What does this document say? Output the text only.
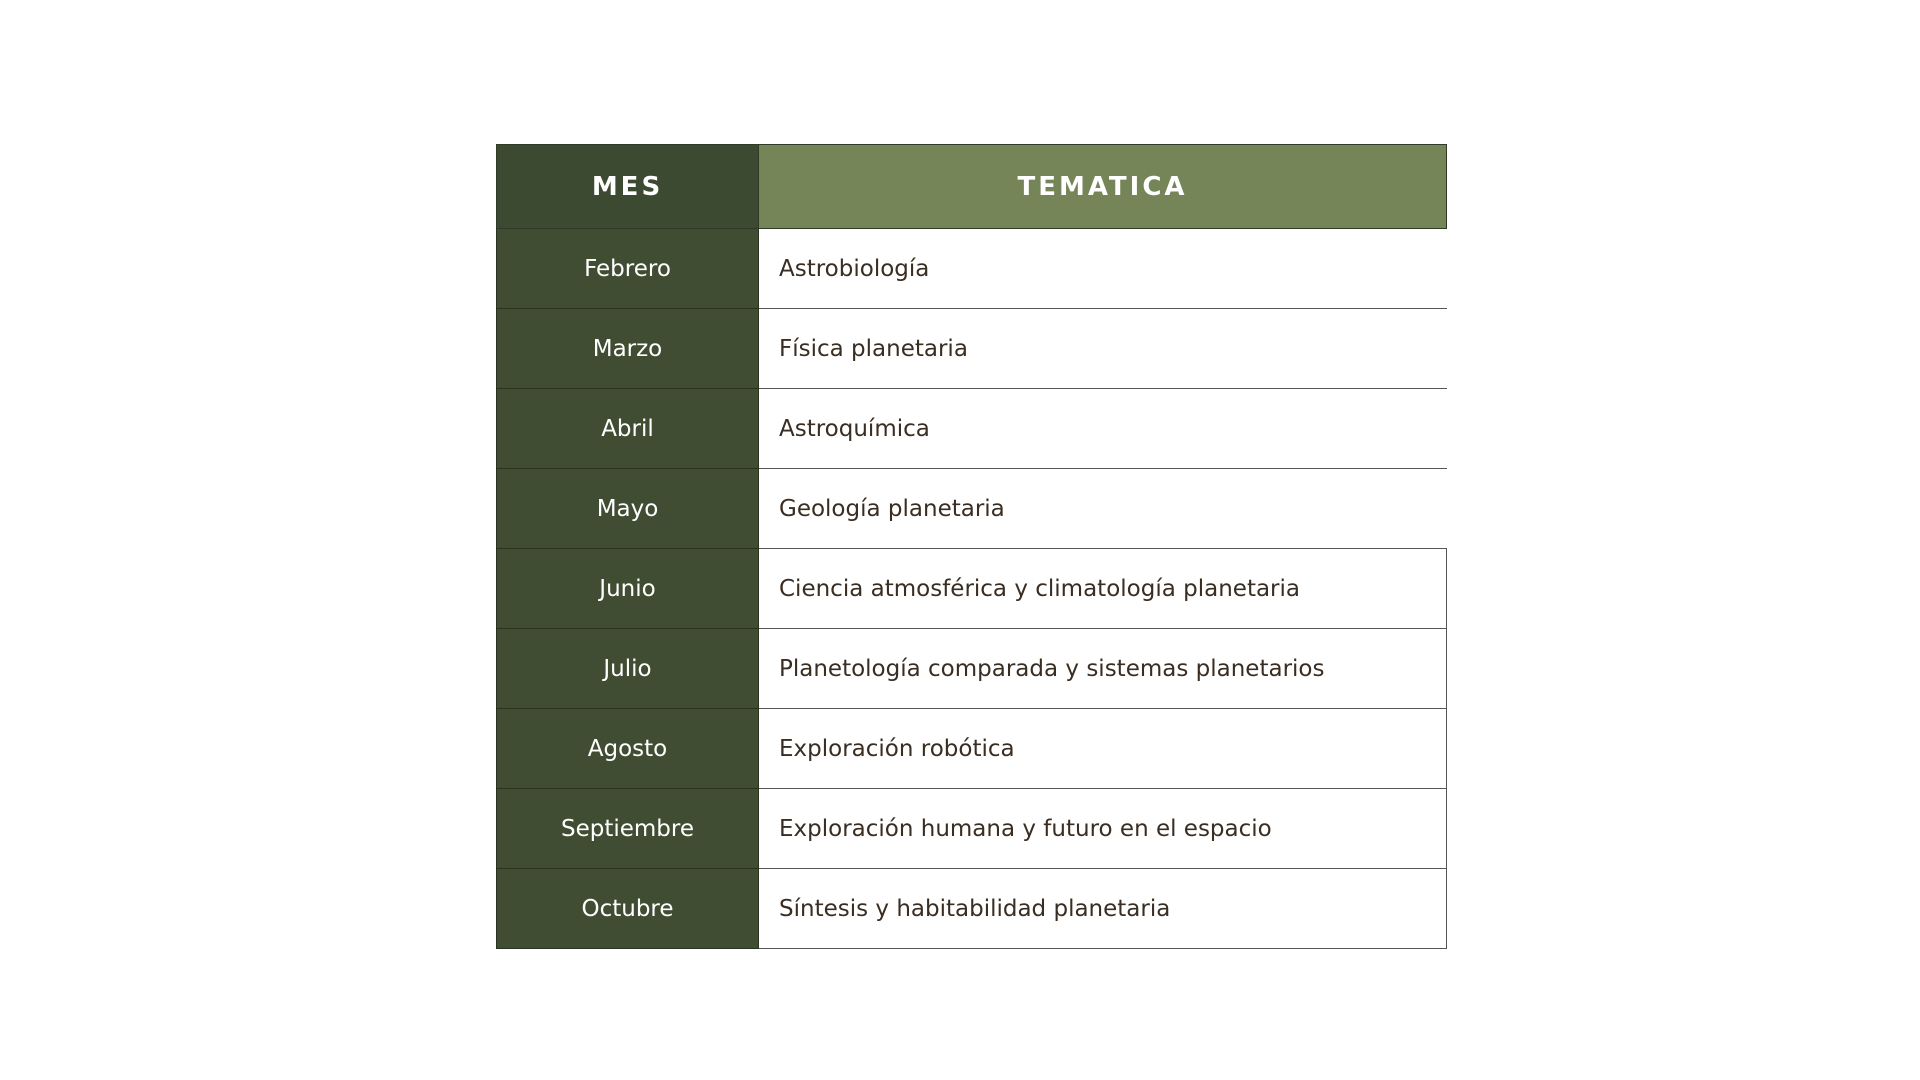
MES	TEMATICA
Febrero	Astrobiología
Marzo	Física planetaria
Abril	Astroquímica
Mayo	Geología planetaria
Junio	Ciencia atmosférica y climatología planetaria
Julio	Planetología comparada y sistemas planetarios
Agosto	Exploración robótica
Septiembre	Exploración humana y futuro en el espacio
Octubre	Síntesis y habitabilidad planetaria
